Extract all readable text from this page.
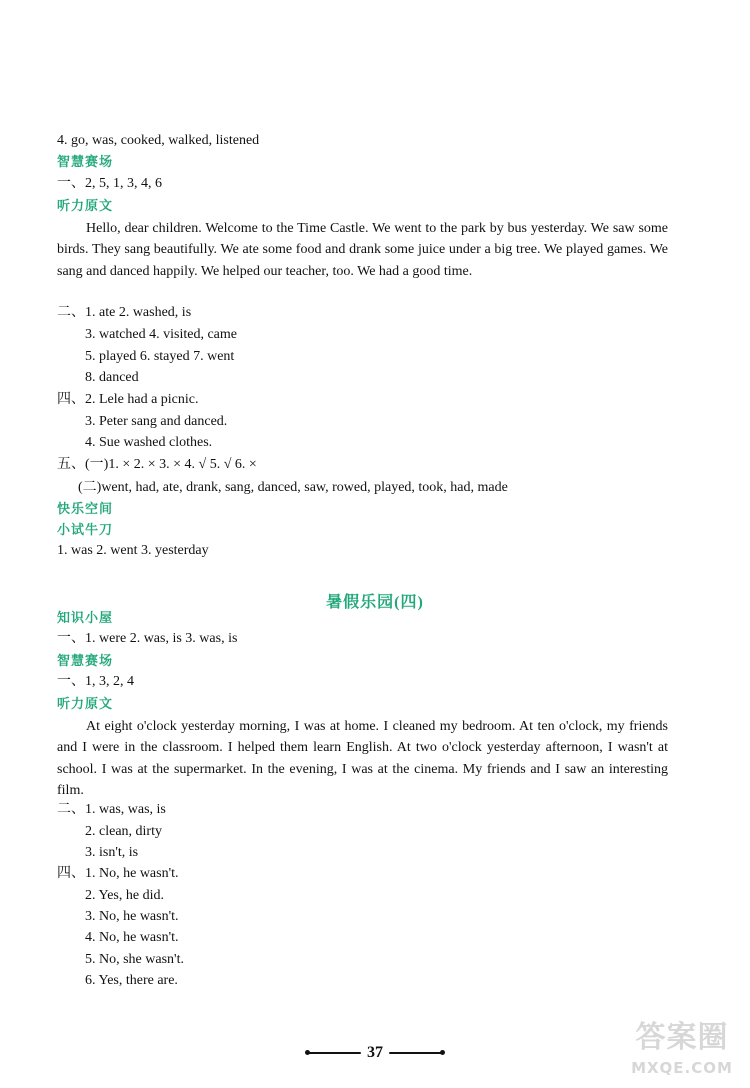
4. go, was, cooked, walked, listened
智慧赛场
一、2, 5, 1, 3, 4, 6
听力原文
Hello, dear children. Welcome to the Time Castle. We went to the park by bus yesterday. We saw some birds. They sang beautifully. We ate some food and drank some juice under a big tree. We played games. We sang and danced happily. We helped our teacher, too. We had a good time.
二、1. ate 2. washed, is
3. watched 4. visited, came
5. played 6. stayed 7. went
8. danced
四、2. Lele had a picnic.
3. Peter sang and danced.
4. Sue washed clothes.
五、(一)1. × 2. × 3. × 4. √ 5. √ 6. ×
(二)went, had, ate, drank, sang, danced, saw, rowed, played, took, had, made
快乐空间
小试牛刀
1. was 2. went 3. yesterday
暑假乐园(四)
知识小屋
一、1. were 2. was, is 3. was, is
智慧赛场
一、1, 3, 2, 4
听力原文
At eight o'clock yesterday morning, I was at home. I cleaned my bedroom. At ten o'clock, my friends and I were in the classroom. I helped them learn English. At two o'clock yesterday afternoon, I wasn't at school. I was at the supermarket. In the evening, I was at the cinema. My friends and I saw an interesting film.
二、1. was, was, is
2. clean, dirty
3. isn't, is
四、1. No, he wasn't.
2. Yes, he did.
3. No, he wasn't.
4. No, he wasn't.
5. No, she wasn't.
6. Yes, there are.
37	答案圈
MXQE.COM
